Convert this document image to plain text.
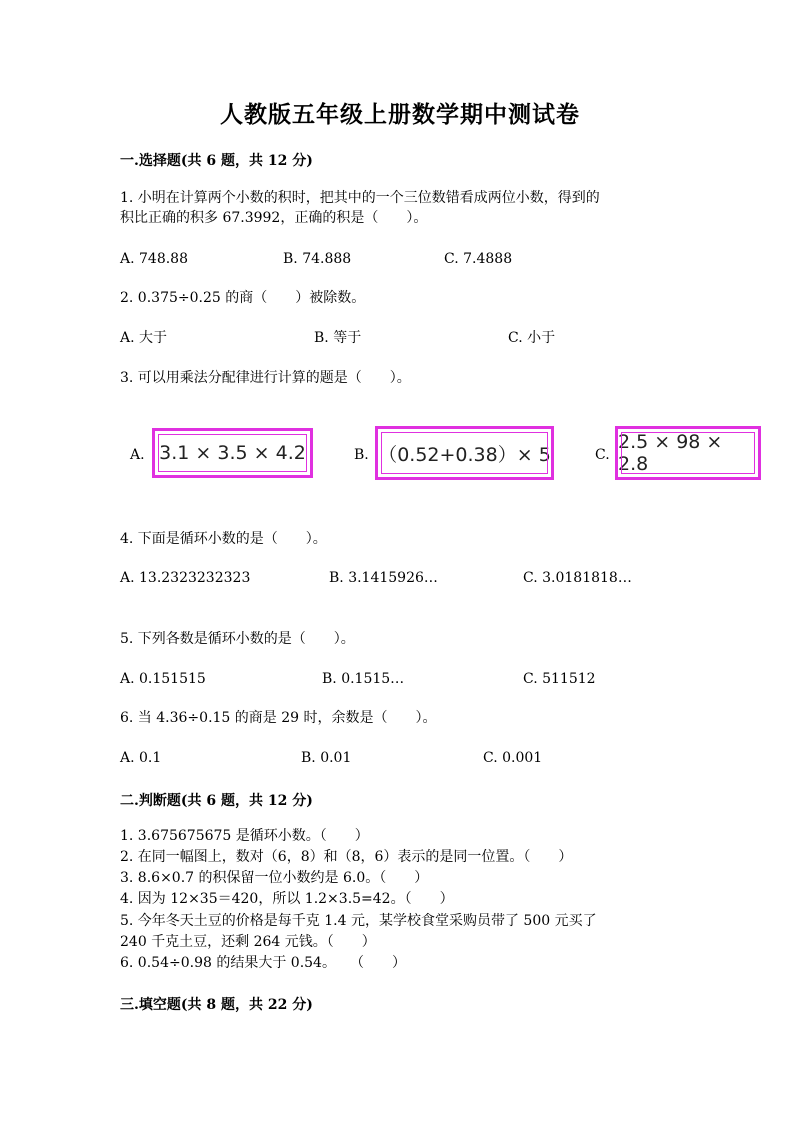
人教版五年级上册数学期中测试卷
一.选择题(共 6 题，共 12 分)
1. 小明在计算两个小数的积时，把其中的一个三位数错看成两位小数，得到的
积比正确的积多 67.3992，正确的积是（　　）。
A. 748.88	B. 74.888	C. 7.4888
2. 0.375÷0.25 的商（　　）被除数。
A. 大于	B. 等于	C. 小于
3. 可以用乘法分配律进行计算的题是（　　）。
A. 3.1 × 3.5 × 4.2	B. （0.52+0.38）× 5	C.
2.5 × 98 × 2.8
4. 下面是循环小数的是（　　）。
A. 13.2323232323	B. 3.1415926…	C. 3.0181818…
5. 下列各数是循环小数的是（　　）。
A. 0.151515	B. 0.1515…	C. 511512
6. 当 4.36÷0.15 的商是 29 时，余数是（　　）。
A. 0.1	B. 0.01	C. 0.001
二.判断题(共 6 题，共 12 分)
1. 3.675675675 是循环小数。（　　）
2. 在同一幅图上，数对（6，8）和（8，6）表示的是同一位置。（　　）
3. 8.6×0.7 的积保留一位小数约是 6.0。（　　）
4. 因为 12×35＝420，所以 1.2×3.5=42。（　　）
5. 今年冬天土豆的价格是每千克 1.4 元，某学校食堂采购员带了 500 元买了
240 千克土豆，还剩 264 元钱。（　　）
6. 0.54÷0.98 的结果大于 0.54。　　（　　）
三.填空题(共 8 题，共 22 分)
